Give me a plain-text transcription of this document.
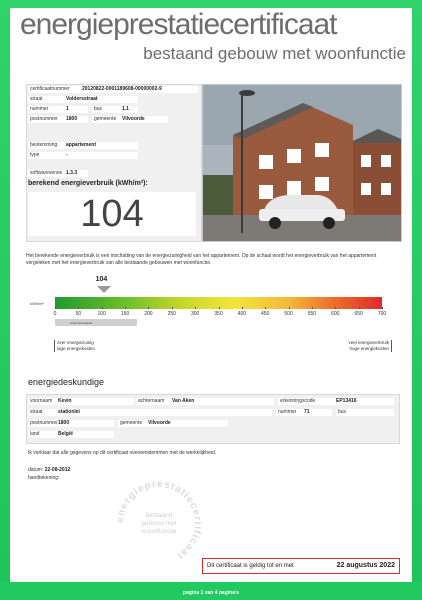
pagina 1 van 4 pagina's
energieprestatiecertificaat
bestaand gebouw met woonfunctie
certificaatnummer 20120822-0001189608-00000002-9
straat	Voldersstraat
nummer	1	bus	1.1
postnummer 1800	gemeente Vilvoorde
bestemming appartement
type	-
softwareversie 1.3.3
berekend energieverbruik (kWh/m²):
104
Het berekende energieverbruik is een inschatting van de energiezuinigheid van het appartement. Op de schaal wordt het energieverbruik van het appartement vergeleken met het energieverbruik van alle bestaande gebouwen met woonfunctie.
104
kWh/m²
referentiewaarde
0	50	100	150	200	250	300	350	400	450	500	550	600	650	700
zeer energiezuinig
lage energiekosten
veel energieverbruik
hoge energiekosten
energiedeskundige
voornaam Kevin	achternaam Van Aken	erkenningscode	EP13416
straat	stationlei	nummer 71	bus
postnummer 1800	gemeente Vilvoorde
land	België
Ik verklaar dat alle gegevens op dit certificaat overeenstemmen met de werkelijkheid.
datum: 22-08-2012
handtekening:
energieprestatiecertificaat
bestaand
gebouw met
woonfunctie
Dit certificaat is geldig tot en met	22 augustus 2022
